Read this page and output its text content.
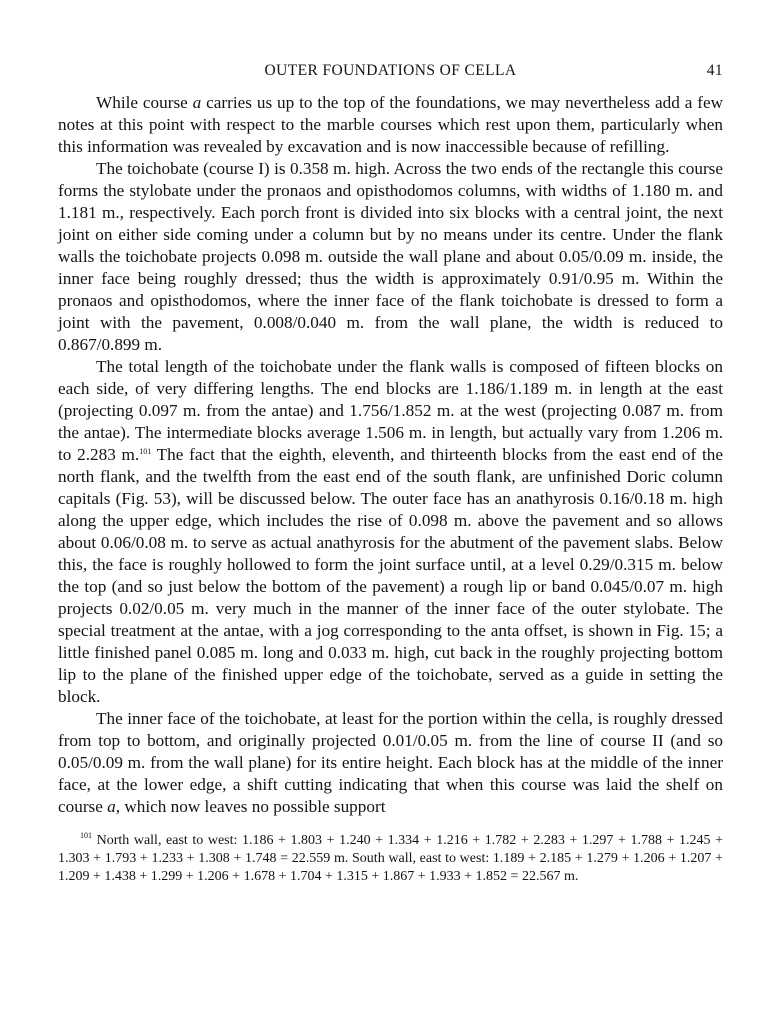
OUTER FOUNDATIONS OF CELLA	41

While course a carries us up to the top of the foundations, we may nevertheless add a few notes at this point with respect to the marble courses which rest upon them, particularly when this information was revealed by excavation and is now inaccessible because of refilling.

The toichobate (course I) is 0.358 m. high. Across the two ends of the rectangle this course forms the stylobate under the pronaos and opisthodomos columns, with widths of 1.180 m. and 1.181 m., respectively. Each porch front is divided into six blocks with a central joint, the next joint on either side coming under a column but by no means under its centre. Under the flank walls the toichobate projects 0.098 m. outside the wall plane and about 0.05/0.09 m. inside, the inner face being roughly dressed; thus the width is approximately 0.91/0.95 m. Within the pronaos and opisthodomos, where the inner face of the flank toichobate is dressed to form a joint with the pavement, 0.008/0.040 m. from the wall plane, the width is reduced to 0.867/0.899 m.

The total length of the toichobate under the flank walls is composed of fifteen blocks on each side, of very differing lengths. The end blocks are 1.186/1.189 m. in length at the east (projecting 0.097 m. from the antae) and 1.756/1.852 m. at the west (projecting 0.087 m. from the antae). The intermediate blocks average 1.506 m. in length, but actually vary from 1.206 m. to 2.283 m.$^{101}$ The fact that the eighth, eleventh, and thirteenth blocks from the east end of the north flank, and the twelfth from the east end of the south flank, are unfinished Doric column capitals (Fig. 53), will be discussed below. The outer face has an anathyrosis 0.16/0.18 m. high along the upper edge, which includes the rise of 0.098 m. above the pavement and so allows about 0.06/0.08 m. to serve as actual anathyrosis for the abutment of the pavement slabs. Below this, the face is roughly hollowed to form the joint surface until, at a level 0.29/0.315 m. below the top (and so just below the bottom of the pavement) a rough lip or band 0.045/0.07 m. high projects 0.02/0.05 m. very much in the manner of the inner face of the outer stylobate. The special treatment at the antae, with a jog corresponding to the anta offset, is shown in Fig. 15; a little finished panel 0.085 m. long and 0.033 m. high, cut back in the roughly projecting bottom lip to the plane of the finished upper edge of the toichobate, served as a guide in setting the block.

The inner face of the toichobate, at least for the portion within the cella, is roughly dressed from top to bottom, and originally projected 0.01/0.05 m. from the line of course II (and so 0.05/0.09 m. from the wall plane) for its entire height. Each block has at the middle of the inner face, at the lower edge, a shift cutting indicating that when this course was laid the shelf on course a, which now leaves no possible support

$^{101}$ North wall, east to west: 1.186 + 1.803 + 1.240 + 1.334 + 1.216 + 1.782 + 2.283 + 1.297 + 1.788 + 1.245 + 1.303 + 1.793 + 1.233 + 1.308 + 1.748 = 22.559 m. South wall, east to west: 1.189 + 2.185 + 1.279 + 1.206 + 1.207 + 1.209 + 1.438 + 1.299 + 1.206 + 1.678 + 1.704 + 1.315 + 1.867 + 1.933 + 1.852 = 22.567 m.
